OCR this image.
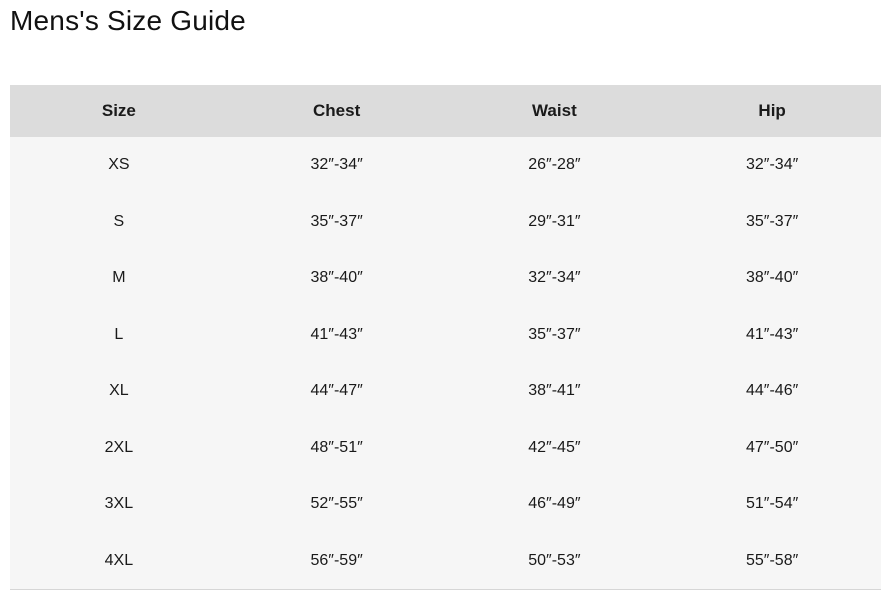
Mens's Size Guide
Size	Chest	Waist	Hip
XS	32″-34″	26″-28″	32″-34″
S	35″-37″	29″-31″	35″-37″
M	38″-40″	32″-34″	38″-40″
L	41″-43″	35″-37″	41″-43″
XL	44″-47″	38″-41″	44″-46″
2XL	48″-51″	42″-45″	47″-50″
3XL	52″-55″	46″-49″	51″-54″
4XL	56″-59″	50″-53″	55″-58″
